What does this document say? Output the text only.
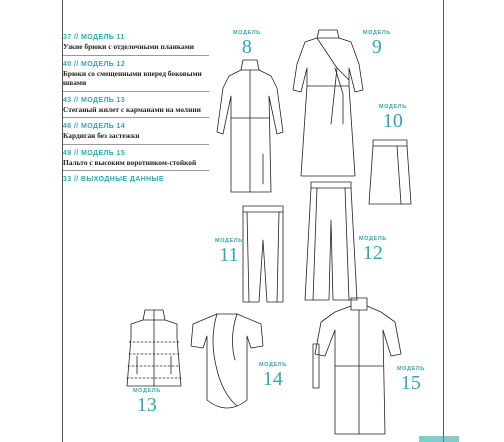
37 // МОДЕЛЬ 11
Узкие брюки с отделочными планками
40 // МОДЕЛЬ 12
Брюки со смещенными вперед боковыми швами
43 // МОДЕЛЬ 13
Стеганый жилет с карманами на молнии
46 // МОДЕЛЬ 14
Кардиган без застежки
49 // МОДЕЛЬ 15
Пальто с высоким воротником-стойкой
33 // ВЫХОДНЫЕ ДАННЫЕ
МОДЕЛЬ
8
МОДЕЛЬ
9
МОДЕЛЬ
10
МОДЕЛЬ
11
МОДЕЛЬ
12
МОДЕЛЬ
13
МОДЕЛЬ
14	МОДЕЛЬ
15
